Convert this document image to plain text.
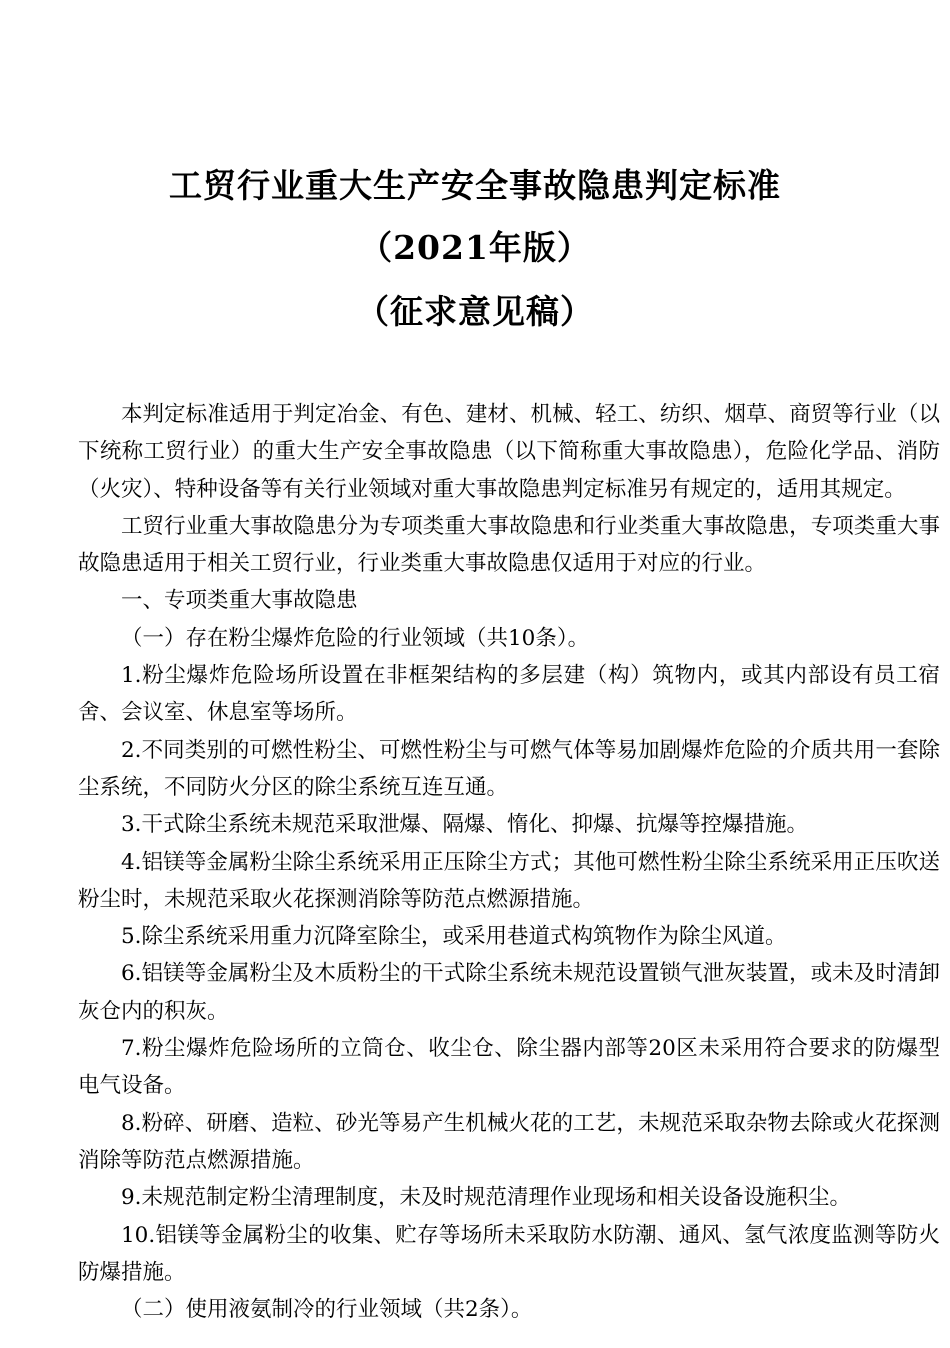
工贸行业重大生产安全事故隐患判定标准
（2021年版）
（征求意见稿）

本判定标准适用于判定冶金、有色、建材、机械、轻工、纺织、烟草、商贸等行业（以下统称工贸行业）的重大生产安全事故隐患（以下简称重大事故隐患），危险化学品、消防（火灾）、特种设备等有关行业领域对重大事故隐患判定标准另有规定的，适用其规定。

工贸行业重大事故隐患分为专项类重大事故隐患和行业类重大事故隐患，专项类重大事故隐患适用于相关工贸行业，行业类重大事故隐患仅适用于对应的行业。

一、专项类重大事故隐患

（一）存在粉尘爆炸危险的行业领域（共10条）。

1.粉尘爆炸危险场所设置在非框架结构的多层建（构）筑物内，或其内部设有员工宿舍、会议室、休息室等场所。

2.不同类别的可燃性粉尘、可燃性粉尘与可燃气体等易加剧爆炸危险的介质共用一套除尘系统，不同防火分区的除尘系统互连互通。

3.干式除尘系统未规范采取泄爆、隔爆、惰化、抑爆、抗爆等控爆措施。

4.铝镁等金属粉尘除尘系统采用正压除尘方式；其他可燃性粉尘除尘系统采用正压吹送粉尘时，未规范采取火花探测消除等防范点燃源措施。

5.除尘系统采用重力沉降室除尘，或采用巷道式构筑物作为除尘风道。

6.铝镁等金属粉尘及木质粉尘的干式除尘系统未规范设置锁气泄灰装置，或未及时清卸灰仓内的积灰。

7.粉尘爆炸危险场所的立筒仓、收尘仓、除尘器内部等20区未采用符合要求的防爆型电气设备。

8.粉碎、研磨、造粒、砂光等易产生机械火花的工艺，未规范采取杂物去除或火花探测消除等防范点燃源措施。

9.未规范制定粉尘清理制度，未及时规范清理作业现场和相关设备设施积尘。

10.铝镁等金属粉尘的收集、贮存等场所未采取防水防潮、通风、氢气浓度监测等防火防爆措施。

（二）使用液氨制冷的行业领域（共2条）。
